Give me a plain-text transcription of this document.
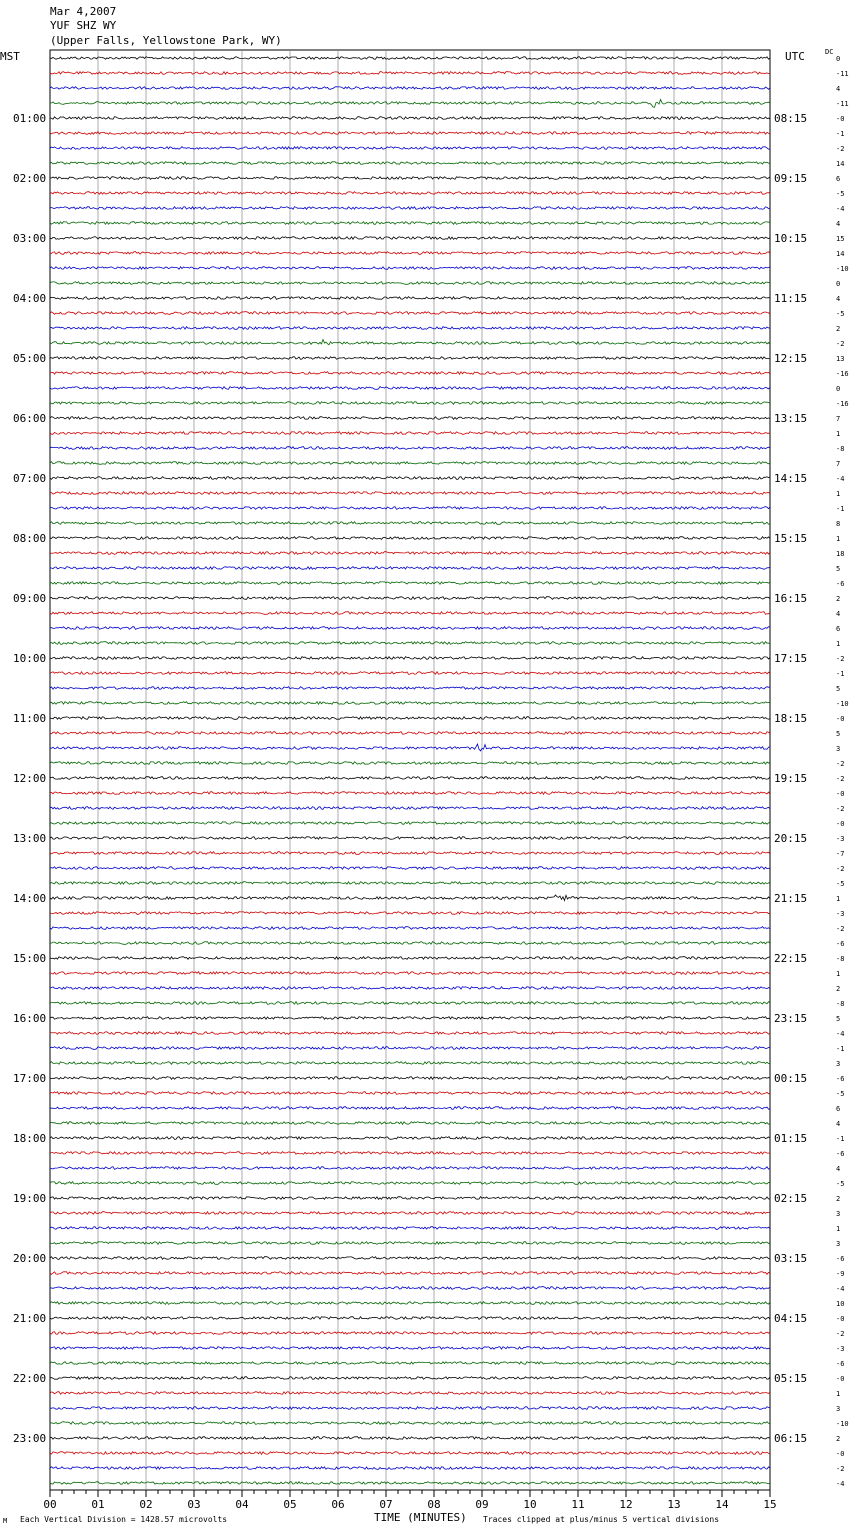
Mar 4,2007
YUF SHZ WY
(Upper Falls, Yellowstone Park, WY)
MST	UTC	DC
0
-11
4
-11
-0
-1
-2
14
6
-5
-4
4
15
14
-10
0
4
-5
2
-2
13
-16
0
-16
7
1
-8
7
-4
1
-1
8
1
18
5
-6
2
4
6
1
-2
-1
5
-10
-0
5
3
-2
-2
-0
-2
-0
-3
-7
-2
-5
1
-3
-2
-6
-8
1
2
-8
5
-4
-1
3
-6
-5
6
4
-1
-6
4
-5
2
3
1
3
-6
-9
-4
10
-0
-2
-3
-6
-0
1
3
-10
2
-0
-2
-4
01:00	08:15
02:00	09:15
03:00	10:15
04:00	11:15
05:00	12:15
06:00	13:15
07:00	14:15
08:00	15:15
09:00	16:15
10:00	17:15
11:00	18:15
12:00	19:15
13:00	20:15
14:00	21:15
15:00	22:15
16:00	23:15
17:00	00:15
18:00	01:15
19:00	02:15
20:00	03:15
21:00	04:15
22:00	05:15
23:00	06:15
00	01	02	03	04	05	06	07	08	09	10	11	12	13	14	15
TIME (MINUTES)
M Each Vertical Division = 1428.57 microvolts	Traces clipped at plus/minus 5 vertical divisions
